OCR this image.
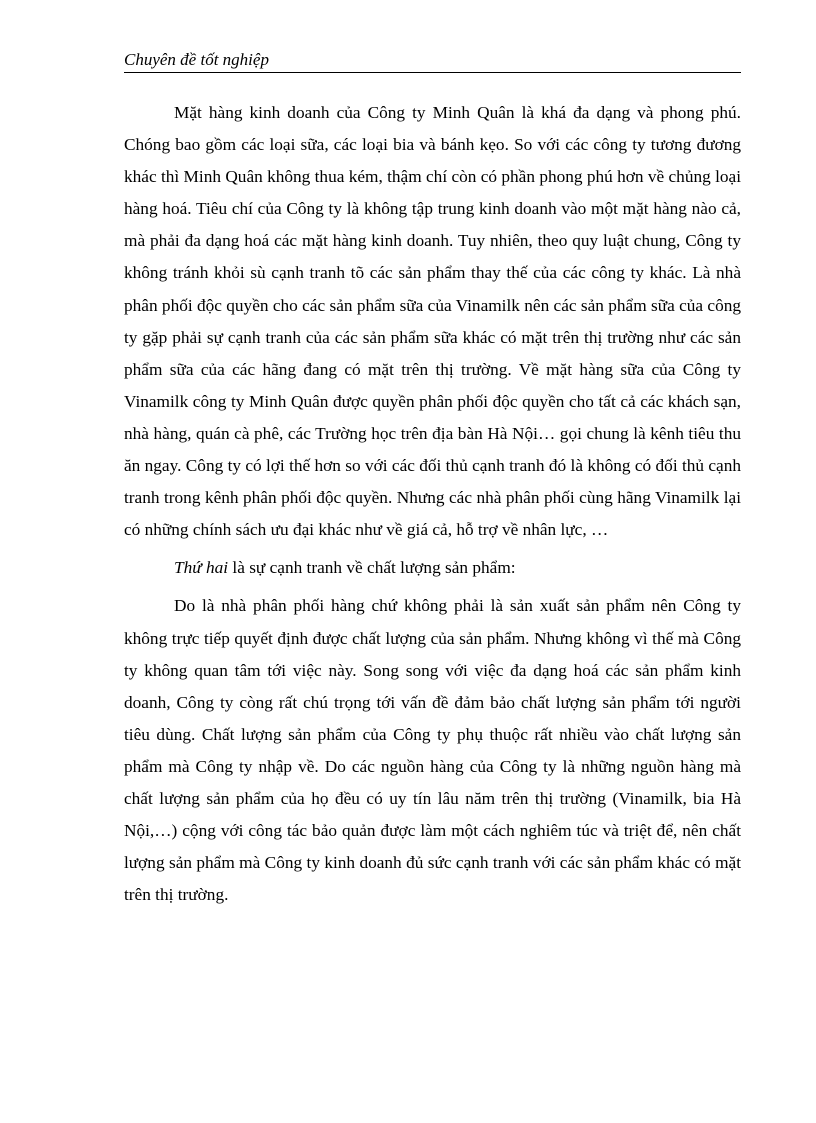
Chuyên đề tốt nghiệp

Mặt hàng kinh doanh của Công ty Minh Quân là khá đa dạng và phong phú. Chóng bao gồm các loại sữa, các loại bia và bánh kẹo. So với các công ty tương đương khác thì Minh Quân không thua kém, thậm chí còn có phần phong phú hơn về chủng loại hàng hoá. Tiêu chí của Công ty là không tập trung kinh doanh vào một mặt hàng nào cả, mà phải đa dạng hoá các mặt hàng kinh doanh. Tuy nhiên, theo quy luật chung, Công ty không tránh khỏi sù cạnh tranh tõ các sản phẩm thay thế của các công ty khác. Là nhà phân phối độc quyền cho các sản phẩm sữa của Vinamilk nên các sản phẩm sữa của công ty gặp phải sự cạnh tranh của các sản phẩm sữa khác có mặt trên thị trường như các sản phẩm sữa của các hãng đang có mặt trên thị trường. Về mặt hàng sữa của Công ty Vinamilk công ty Minh Quân được quyền phân phối độc quyền cho tất cả các khách sạn, nhà hàng, quán cà phê, các Trường học trên địa bàn Hà Nội… gọi chung là kênh tiêu thu ăn ngay. Công ty có lợi thế hơn so với các đối thủ cạnh tranh đó là không có đối thủ cạnh tranh trong kênh phân phối độc quyền. Nhưng các nhà phân phối cùng hãng Vinamilk lại có những chính sách ưu đại khác như về giá cả, hỗ trợ về nhân lực, …

Thứ hai là sự cạnh tranh về chất lượng sản phẩm:

Do là nhà phân phối hàng chứ không phải là sản xuất sản phẩm nên Công ty không trực tiếp quyết định được chất lượng của sản phẩm. Nhưng không vì thế mà Công ty không quan tâm tới việc này. Song song với việc đa dạng hoá các sản phẩm kinh doanh, Công ty còng rất chú trọng tới vấn đề đảm bảo chất lượng sản phẩm tới người tiêu dùng. Chất lượng sản phẩm của Công ty phụ thuộc rất nhiều vào chất lượng sản phẩm mà Công ty nhập về. Do các nguồn hàng của Công ty là những nguồn hàng mà chất lượng sản phẩm của họ đều có uy tín lâu năm trên thị trường (Vinamilk, bia Hà Nội,…) cộng với công tác bảo quản được làm một cách nghiêm túc và triệt để, nên chất lượng sản phẩm mà Công ty kinh doanh đủ sức cạnh tranh với các sản phẩm khác có mặt trên thị trường.
